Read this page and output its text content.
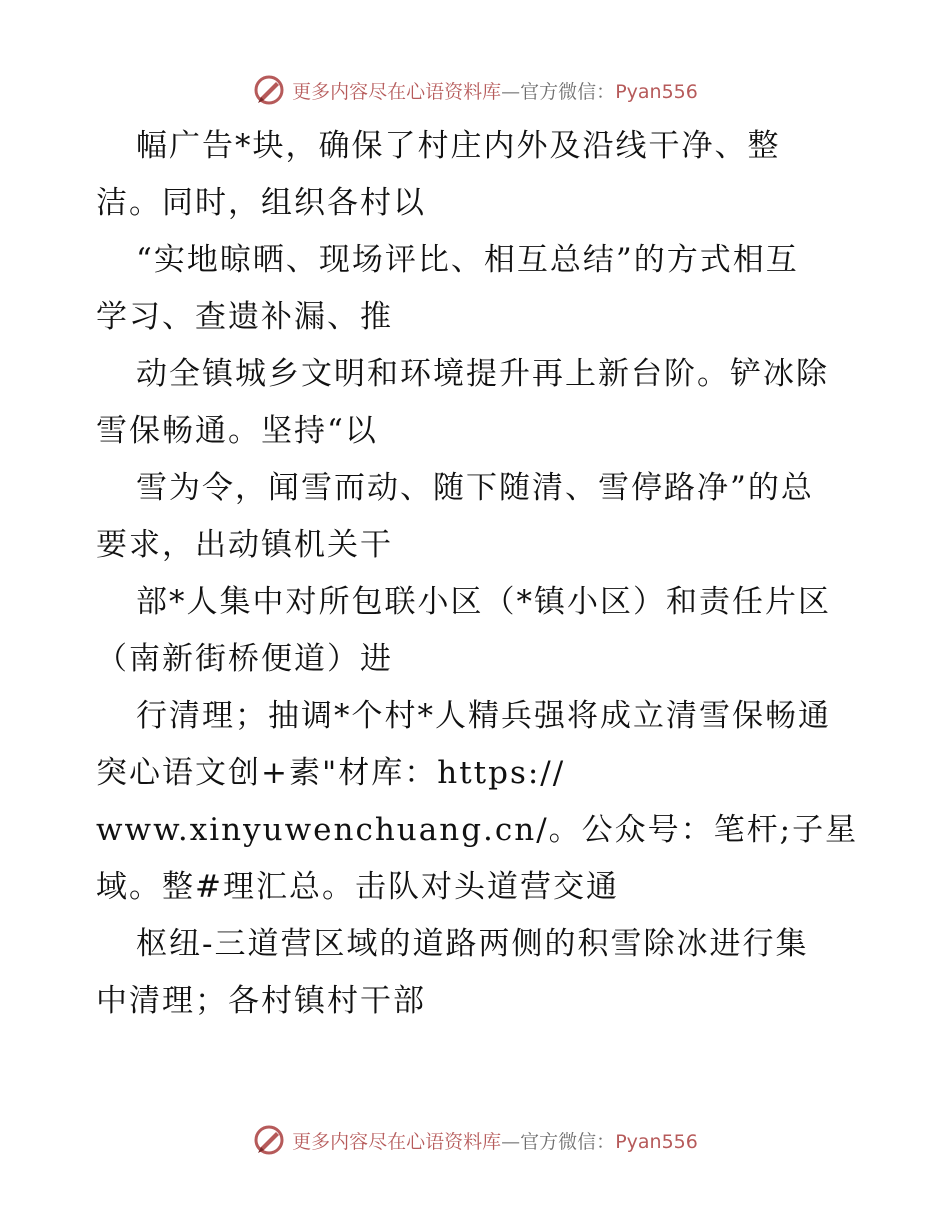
更多内容尽在心语资料库—官方微信：Pyan556
幅广告*块，确保了村庄内外及沿线干净、整
洁。同时，组织各村以
“实地晾晒、现场评比、相互总结”的方式相互
学习、查遗补漏、推
动全镇城乡文明和环境提升再上新台阶。铲冰除
雪保畅通。坚持“以
雪为令，闻雪而动、随下随清、雪停路净”的总
要求，出动镇机关干
部*人集中对所包联小区（*镇小区）和责任片区
（南新街桥便道）进
行清理；抽调*个村*人精兵强将成立清雪保畅通
突心语文创+素"材库：https://
www.xinyuwenchuang.cn/。公众号：笔杆;子星
域。整#理汇总。击队对头道营交通
枢纽-三道营区域的道路两侧的积雪除冰进行集
中清理；各村镇村干部
更多内容尽在心语资料库—官方微信：Pyan556
